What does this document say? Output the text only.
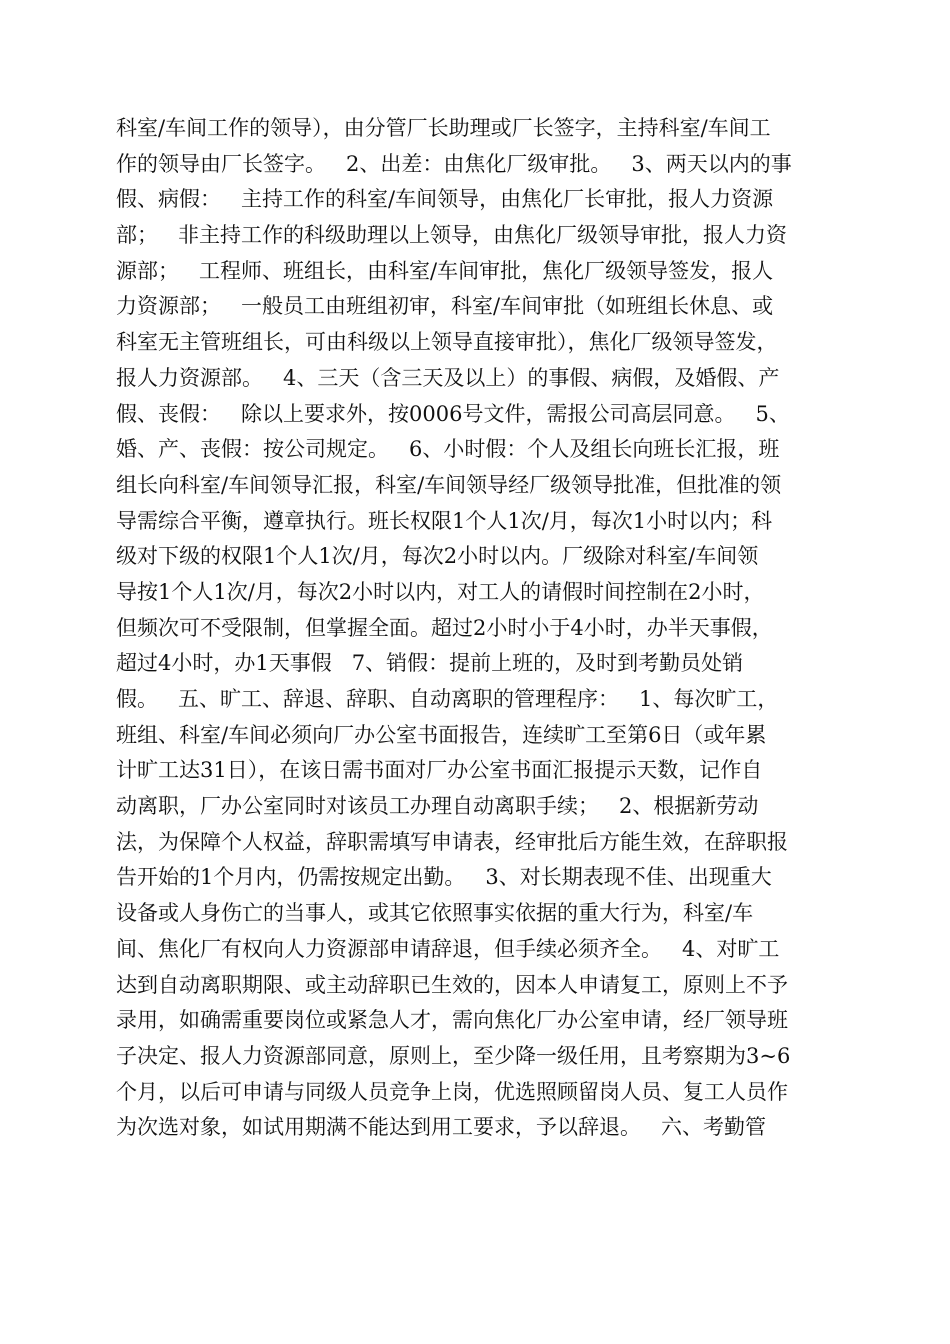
科室/车间工作的领导），由分管厂长助理或厂长签字，主持科室/车间工
作的领导由厂长签字。   2、出差：由焦化厂级审批。   3、两天以内的事
假、病假：   主持工作的科室/车间领导，由焦化厂长审批，报人力资源
部；   非主持工作的科级助理以上领导，由焦化厂级领导审批，报人力资
源部；   工程师、班组长，由科室/车间审批，焦化厂级领导签发，报人
力资源部；   一般员工由班组初审，科室/车间审批（如班组长休息、或
科室无主管班组长，可由科级以上领导直接审批），焦化厂级领导签发，
报人力资源部。   4、三天（含三天及以上）的事假、病假，及婚假、产
假、丧假：   除以上要求外，按0006号文件，需报公司高层同意。   5、
婚、产、丧假：按公司规定。   6、小时假：个人及组长向班长汇报，班
组长向科室/车间领导汇报，科室/车间领导经厂级领导批准，但批准的领
导需综合平衡，遵章执行。班长权限1个人1次/月，每次1小时以内；科
级对下级的权限1个人1次/月，每次2小时以内。厂级除对科室/车间领
导按1个人1次/月，每次2小时以内，对工人的请假时间控制在2小时，
但频次可不受限制，但掌握全面。超过2小时小于4小时，办半天事假，
超过4小时，办1天事假   7、销假：提前上班的，及时到考勤员处销
假。   五、旷工、辞退、辞职、自动离职的管理程序：   1、每次旷工，
班组、科室/车间必须向厂办公室书面报告，连续旷工至第6日（或年累
计旷工达31日），在该日需书面对厂办公室书面汇报提示天数，记作自
动离职，厂办公室同时对该员工办理自动离职手续；   2、根据新劳动
法，为保障个人权益，辞职需填写申请表，经审批后方能生效，在辞职报
告开始的1个月内，仍需按规定出勤。   3、对长期表现不佳、出现重大
设备或人身伤亡的当事人，或其它依照事实依据的重大行为，科室/车
间、焦化厂有权向人力资源部申请辞退，但手续必须齐全。   4、对旷工
达到自动离职期限、或主动辞职已生效的，因本人申请复工，原则上不予
录用，如确需重要岗位或紧急人才，需向焦化厂办公室申请，经厂领导班
子决定、报人力资源部同意，原则上，至少降一级任用，且考察期为3~6
个月，以后可申请与同级人员竞争上岗，优选照顾留岗人员、复工人员作
为次选对象，如试用期满不能达到用工要求，予以辞退。   六、考勤管
